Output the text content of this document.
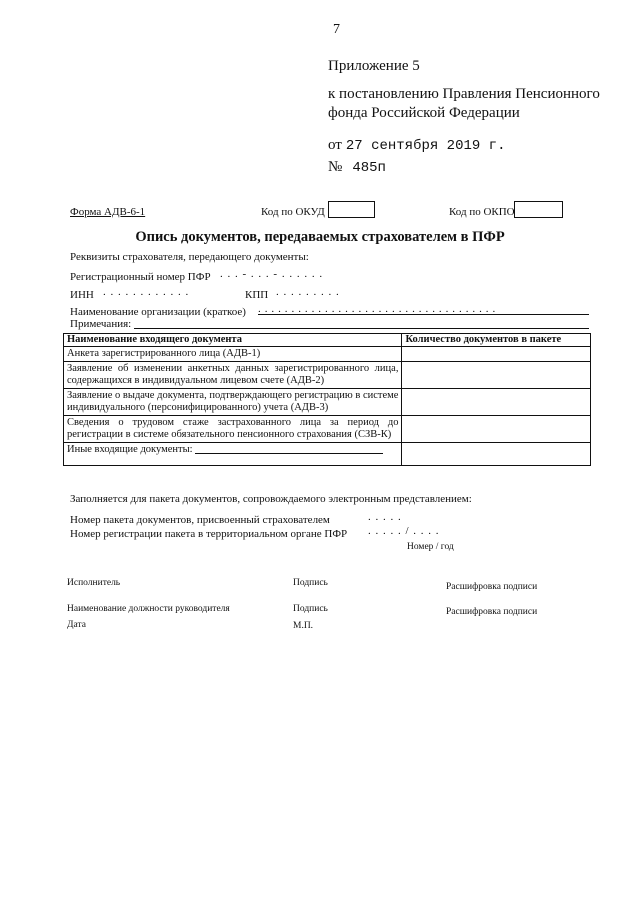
7
Приложение 5
к постановлению Правления Пенсионного
фонда Российской Федерации
от 27 сентября 2019 г.
№ 485п
Форма АДВ-6-1	Код по ОКУД	Код по ОКПО
Опись документов, передаваемых страхователем в ПФР
Реквизиты страхователя, передающего документы:
Регистрационный номер ПФР . . . - . . . - . . . . . .
ИНН . . . . . . . . . . . .	КПП . . . . . . . . .
Наименование организации (краткое) . . . . . . . . . . . . . . . . . . . . . . . . . . . . . . . . . . . .
Примечания:
Наименование входящего документа	Количество документов в пакете
Анкета зарегистрированного лица (АДВ-1)	
Заявление об изменении анкетных данных зарегистрированного лица, содержащихся в индивидуальном лицевом счете (АДВ-2)	
Заявление о выдаче документа, подтверждающего регистрацию в системе индивидуального (персонифицированного) учета (АДВ-3)	
Сведения о трудовом стаже застрахованного лица за период до регистрации в системе обязательного пенсионного страхования (СЗВ-К)	
Иные входящие документы:	
Заполняется для пакета документов, сопровождаемого электронным представлением:
Номер пакета документов, присвоенный страхователем	. . . . .
Номер регистрации пакета в территориальном органе ПФР . . . . . / . . . .
Номер / год
Исполнитель	Подпись	Расшифровка подписи
Наименование должности руководителя	Подпись	Расшифровка подписи
Дата	М.П.
